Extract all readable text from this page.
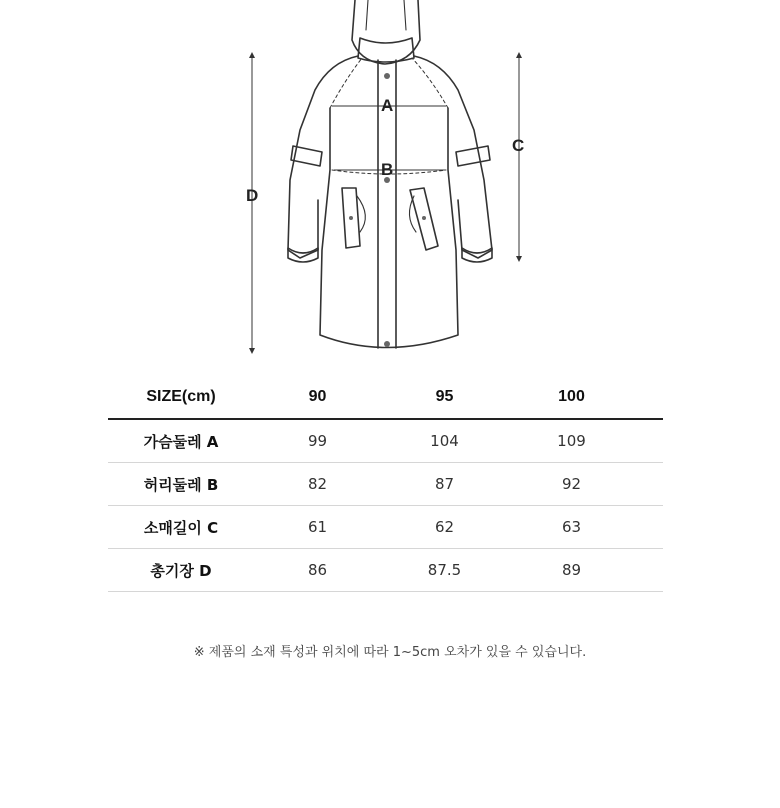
A
B
C
D
SIZE(cm)	90	95	100	
가슴둘레 A	99	104	109	
허리둘레 B	82	87	92	
소매길이 C	61	62	63	
총기장 D	86	87.5	89	
※ 제품의 소재 특성과 위치에 따라 1~5cm 오차가 있을 수 있습니다.
